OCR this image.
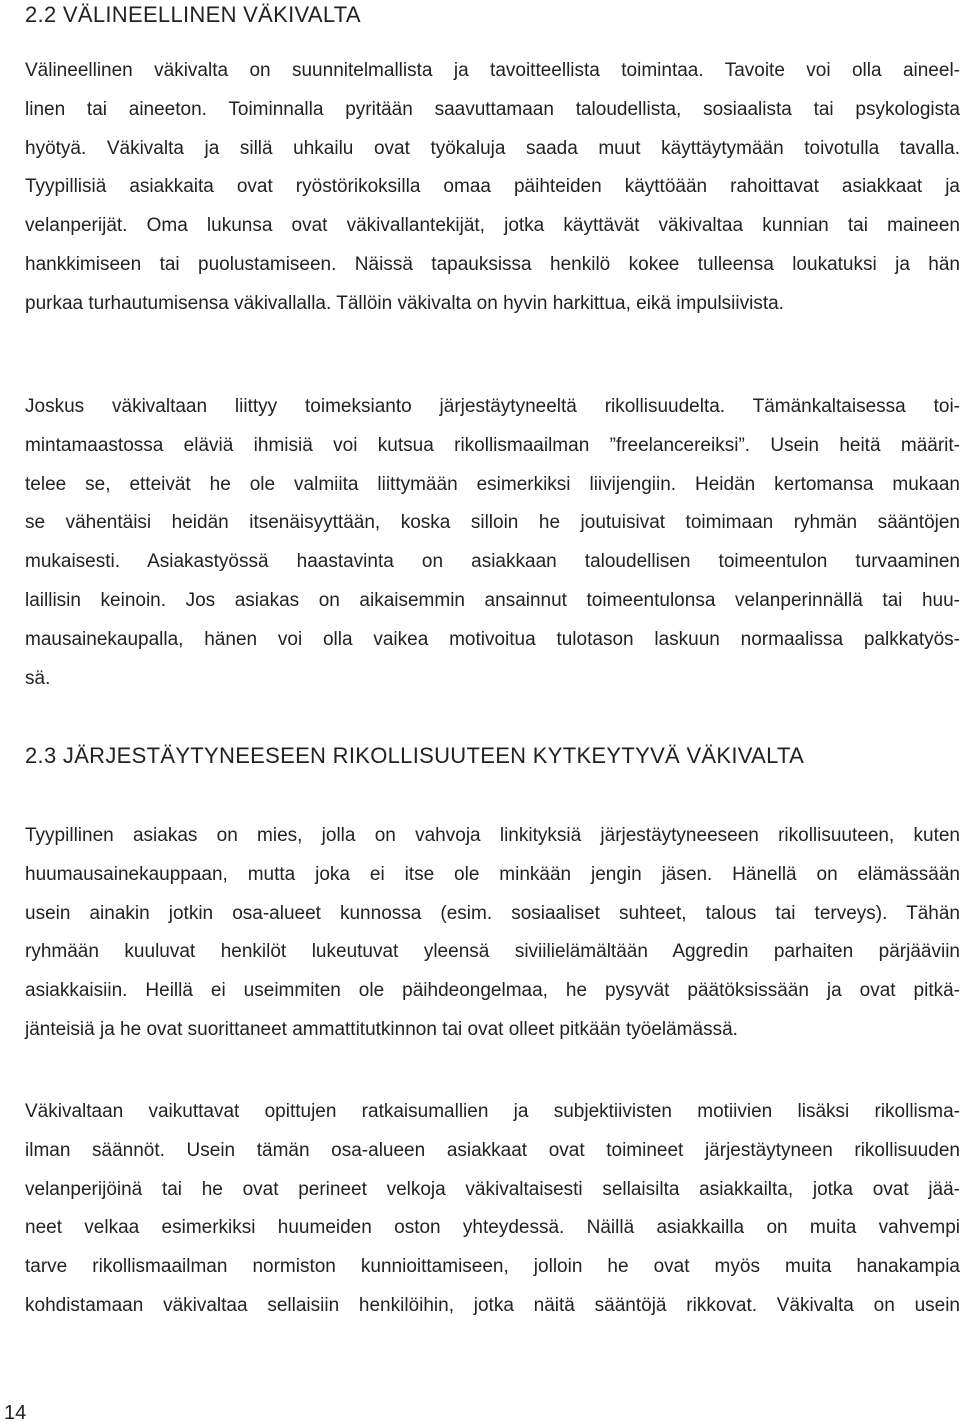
2.2 VÄLINEELLINEN VÄKIVALTA

Välineellinen väkivalta on suunnitelmallista ja tavoitteellista toimintaa. Tavoite voi olla aineel-
linen tai aineeton. Toiminnalla pyritään saavuttamaan taloudellista, sosiaalista tai psykologista
hyötyä. Väkivalta ja sillä uhkailu ovat työkaluja saada muut käyttäytymään toivotulla tavalla.
Tyypillisiä asiakkaita ovat ryöstörikoksilla omaa päihteiden käyttöään rahoittavat asiakkaat ja
velanperijät. Oma lukunsa ovat väkivallantekijät, jotka käyttävät väkivaltaa kunnian tai maineen
hankkimiseen tai puolustamiseen. Näissä tapauksissa henkilö kokee tulleensa loukatuksi ja hän
purkaa turhautumisensa väkivallalla. Tällöin väkivalta on hyvin harkittua, eikä impulsiivista.

Joskus väkivaltaan liittyy toimeksianto järjestäytyneeltä rikollisuudelta. Tämänkaltaisessa toi-
mintamaastossa eläviä ihmisiä voi kutsua rikollismaailman ”freelancereiksi”. Usein heitä määrit-
telee se, etteivät he ole valmiita liittymään esimerkiksi liivijengiin. Heidän kertomansa mukaan
se vähentäisi heidän itsenäisyyttään, koska silloin he joutuisivat toimimaan ryhmän sääntöjen
mukaisesti. Asiakastyössä haastavinta on asiakkaan taloudellisen toimeentulon turvaaminen
laillisin keinoin. Jos asiakas on aikaisemmin ansainnut toimeentulonsa velanperinnällä tai huu-
mausainekaupalla, hänen voi olla vaikea motivoitua tulotason laskuun normaalissa palkkatyös-
sä.

2.3 JÄRJESTÄYTYNEESEEN RIKOLLISUUTEEN KYTKEYTYVÄ VÄKIVALTA

Tyypillinen asiakas on mies, jolla on vahvoja linkityksiä järjestäytyneeseen rikollisuuteen, kuten
huumausainekauppaan, mutta joka ei itse ole minkään jengin jäsen. Hänellä on elämässään
usein ainakin jotkin osa-alueet kunnossa (esim. sosiaaliset suhteet, talous tai terveys). Tähän
ryhmään kuuluvat henkilöt lukeutuvat yleensä siviilielämältään Aggredin parhaiten pärjääviin
asiakkaisiin. Heillä ei useimmiten ole päihdeongelmaa, he pysyvät päätöksissään ja ovat pitkä-
jänteisiä ja he ovat suorittaneet ammattitutkinnon tai ovat olleet pitkään työelämässä.

Väkivaltaan vaikuttavat opittujen ratkaisumallien ja subjektiivisten motiivien lisäksi rikollisma-
ilman säännöt. Usein tämän osa-alueen asiakkaat ovat toimineet järjestäytyneen rikollisuuden
velanperijöinä tai he ovat perineet velkoja väkivaltaisesti sellaisilta asiakkailta, jotka ovat jää-
neet velkaa esimerkiksi huumeiden oston yhteydessä. Näillä asiakkailla on muita vahvempi
tarve rikollismaailman normiston kunnioittamiseen, jolloin he ovat myös muita hanakampia
kohdistamaan väkivaltaa sellaisiin henkilöihin, jotka näitä sääntöjä rikkovat. Väkivalta on usein

14
